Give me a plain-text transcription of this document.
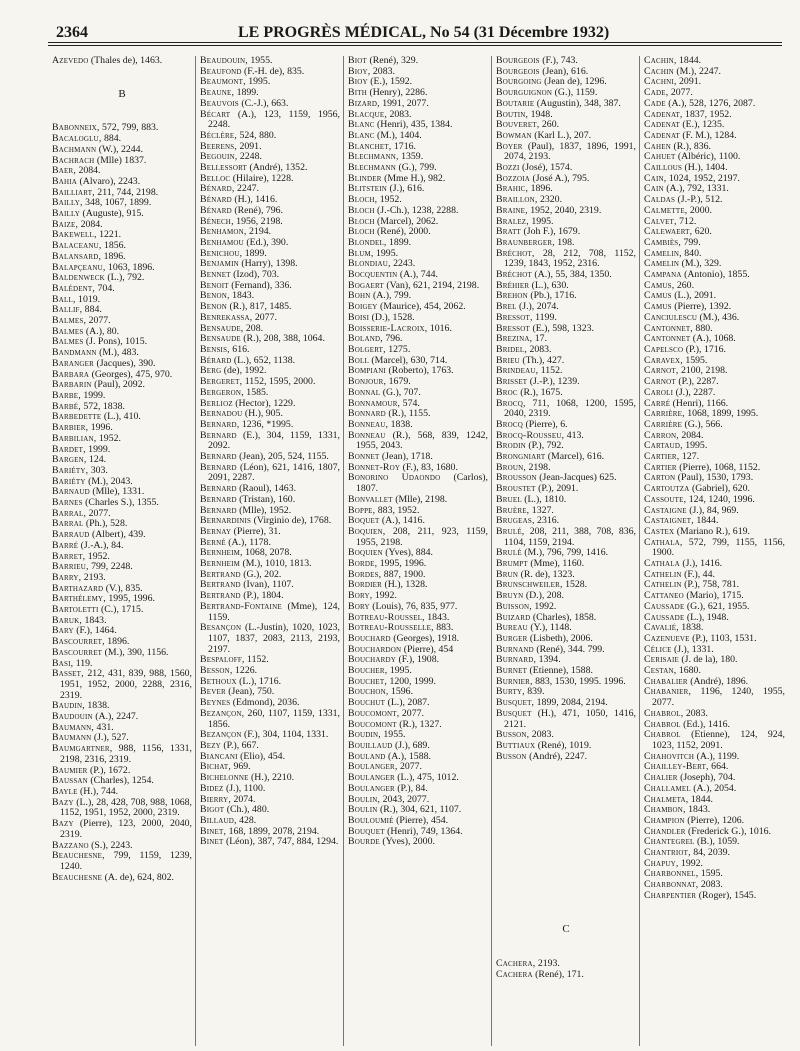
2364	LE PROGRÈS MÉDICAL, No 54 (31 Décembre 1932)
Azevedo (Thales de), 1463.
B
Babonneix, 572, 799, 883.
Bacaloglu, 884.
Bachmann (W.), 2244.
Bachrach (Mlle) 1837.
Baer, 2084.
Bahia (Alvaro), 2243.
Bailliart, 211, 744, 2198.
Bailly, 348, 1067, 1899.
Bailly (Auguste), 915.
Baize, 2084.
Bakewell, 1221.
Balaceanu, 1856.
Balansard, 1896.
Balapçeanu, 1063, 1896.
Baldenweck (L.), 792.
Balédent, 704.
Ball, 1019.
Ballif, 884.
Balmes, 2077.
Balmes (A.), 80.
Balmes (J. Pons), 1015.
Bandmann (M.), 483.
Baranger (Jacques), 390.
Barbara (Georges), 475, 970.
Barbarin (Paul), 2092.
Barbe, 1999.
Barbé, 572, 1838.
Barbedette (L.), 410.
Barbier, 1996.
Barbilian, 1952.
Bardet, 1999.
Bargen, 124.
Bariéty, 303.
Bariéty (M.), 2043.
Barnaud (Mlle), 1331.
Barnes (Charles S.), 1355.
Barral, 2077.
Barral (Ph.), 528.
Barraud (Albert), 439.
Barré (J.-A.), 84.
Barret, 1952.
Barrieu, 799, 2248.
Barry, 2193.
Barthazard (V.), 835.
Barthélemy, 1995, 1996.
Bartoletti (C.), 1715.
Baruk, 1843.
Bary (F.), 1464.
Bascourret, 1896.
Bascourret (M.), 390, 1156.
Basi, 119.
Basset, 212, 431, 839, 988, 1560, 1951, 1952, 2000, 2288, 2316, 2319.
Baudin, 1838.
Baudouin (A.), 2247.
Baumann, 431.
Baumann (J.), 527.
Baumgartner, 988, 1156, 1331, 2198, 2316, 2319.
Baumier (P.), 1672.
Baussan (Charles), 1254.
Bayle (H.), 744.
Bazy (L.), 28, 428, 708, 988, 1068, 1152, 1951, 1952, 2000, 2319.
Bazy (Pierre), 123, 2000, 2040, 2319.
Bazzano (S.), 2243.
Beauchesne, 799, 1159, 1239, 1240.
Beauchesne (A. de), 624, 802.
Beaudouin, 1955.
Beaufond (F.-H. de), 835.
Beaumont, 1995.
Beaune, 1899.
Beauvois (C.-J.), 663.
Bécart (A.), 123, 1159, 1956, 2248.
Béclère, 524, 880.
Beerens, 2091.
Begouin, 2248.
Bellessort (André), 1352.
Belloc (Hilaire), 1228.
Bénard, 2247.
Bénard (H.), 1416.
Bénard (René), 796.
Bénech, 1956, 2198.
Benhamon, 2194.
Benhamou (Ed.), 390.
Benichou, 1899.
Benjamin (Harry), 1398.
Bennet (Izod), 703.
Benoit (Fernand), 336.
Benon, 1843.
Benon (R.), 817, 1485.
Benrekassa, 2077.
Bensaude, 208.
Bensaude (R.), 208, 388, 1064.
Bensis, 616.
Bérard (L.), 652, 1138.
Berg (de), 1992.
Bergeret, 1152, 1595, 2000.
Bergeron, 1585.
Berlioz (Hector), 1229.
Bernadou (H.), 905.
Bernard, 1236, *1995.
Bernard (E.), 304, 1159, 1331, 2092.
Bernard (Jean), 205, 524, 1155.
Bernard (Léon), 621, 1416, 1807, 2091, 2287.
Bernard (Raoul), 1463.
Bernard (Tristan), 160.
Bernard (Mlle), 1952.
Bernardinis (Virginio de), 1768.
Bernay (Pierre), 31.
Berné (A.), 1178.
Bernheim, 1068, 2078.
Bernheim (M.), 1010, 1813.
Bertrand (G.), 202.
Bertrand (Ivan), 1107.
Bertrand (P.), 1804.
Bertrand-Fontaine (Mme), 124, 1159.
Besançon (L.-Justin), 1020, 1023, 1107, 1837, 2083, 2113, 2193, 2197.
Bespaloff, 1152.
Besson, 1226.
Bethoux (L.), 1716.
Bever (Jean), 750.
Beynes (Edmond), 2036.
Bezançon, 260, 1107, 1159, 1331, 1856.
Bezançon (F.), 304, 1104, 1331.
Bezy (P.), 667.
Biancani (Elio), 454.
Bichat, 969.
Bichelonne (H.), 2210.
Bidez (J.), 1100.
Bierry, 2074.
Bigot (Ch.), 480.
Billaud, 428.
Binet, 168, 1899, 2078, 2194.
Binet (Léon), 387, 747, 884, 1294.
Biot (René), 329.
Bioy, 2083.
Bioy (E.), 1592.
Bith (Henry), 2286.
Bizard, 1991, 2077.
Blacque, 2083.
Blanc (Henri), 435, 1384.
Blanc (M.), 1404.
Blanchet, 1716.
Blechmann, 1359.
Blechmann (G.), 799.
Blinder (Mme H.), 982.
Blitstein (J.), 616.
Bloch, 1952.
Bloch (J.-Ch.), 1238, 2288.
Bloch (Marcel), 2062.
Bloch (René), 2000.
Blondel, 1899.
Blum, 1995.
Blondiau, 2243.
Bocquentin (A.), 744.
Bogaert (Van), 621, 2194, 2198.
Bohn (A.), 799.
Boigey (Maurice), 454, 2062.
Boisi (D.), 1528.
Boisserie-Lacroix, 1016.
Boland, 796.
Bolgert, 1275.
Boll (Marcel), 630, 714.
Bompiani (Roberto), 1763.
Bonjour, 1679.
Bonnal (G.), 707.
Bonnamour, 574.
Bonnard (R.), 1155.
Bonneau, 1838.
Bonneau (R.), 568, 839, 1242, 1955, 2043.
Bonnet (Jean), 1718.
Bonnet-Roy (F.), 83, 1680.
Bonorino Udaondo (Carlos), 1807.
Bonvallet (Mlle), 2198.
Boppe, 883, 1952.
Boquet (A.), 1416.
Boquien, 208, 211, 923, 1159, 1955, 2198.
Boquien (Yves), 884.
Borde, 1995, 1996.
Bordes, 887, 1900.
Bordier (H.), 1328.
Bory, 1992.
Bory (Louis), 76, 835, 977.
Botreau-Roussel, 1843.
Botreau-Rousselle, 883.
Bouchard (Georges), 1918.
Bouchardon (Pierre), 454
Bouchardy (F.), 1908.
Boucher, 1995.
Bouchet, 1200, 1999.
Bouchon, 1596.
Bouchut (L.), 2087.
Boucomont, 2077.
Boucomont (R.), 1327.
Boudin, 1955.
Bouillaud (J.), 689.
Bouland (A.), 1588.
Boulanger, 2077.
Boulanger (L.), 475, 1012.
Boulanger (P.), 84.
Boulin, 2043, 2077.
Boulin (R.), 304, 621, 1107.
Bouloumié (Pierre), 454.
Bouquet (Henri), 749, 1364.
Bourde (Yves), 2000.
Bourgeois (F.), 743.
Bourgeois (Jean), 616.
Bourgoing (Jean de), 1296.
Bourguignon (G.), 1159.
Boutarie (Augustin), 348, 387.
Boutin, 1948.
Bouveret, 260.
Bowman (Karl L.), 207.
Boyer (Paul), 1837, 1896, 1991, 2074, 2193.
Bozzi (José), 1574.
Bozzoia (José A.), 795.
Brahic, 1896.
Braillon, 2320.
Braine, 1952, 2040, 2319.
Bralez, 1995.
Bratt (Joh F.), 1679.
Braunberger, 198.
Bréchot, 28, 212, 708, 1152, 1239, 1843, 1952, 2316.
Bréchot (A.), 55, 384, 1350.
Bréhier (L.), 630.
Brehon (Pb.), 1716.
Brel (J.), 2074.
Bressot, 1199.
Bressot (E.), 598, 1323.
Brezina, 17.
Bridel, 2083.
Brieu (Th.), 427.
Brindeau, 1152.
Brisset (J.-P.), 1239.
Broc (R.), 1675.
Brocq, 711, 1068, 1200, 1595, 2040, 2319.
Brocq (Pierre), 6.
Brocq-Rousseu, 413.
Brodin (P.), 792.
Brongniart (Marcel), 616.
Broun, 2198.
Brousson (Jean-Jacques) 625.
Broustet (P.), 2091.
Bruel (L.), 1810.
Bruère, 1327.
Brugeas, 2316.
Brulé, 208, 211, 388, 708, 836, 1104, 1159, 2194.
Brulé (M.), 796, 799, 1416.
Brumpt (Mme), 1160.
Brun (R. de), 1323.
Brunschweiler, 1528.
Bruyn (D.), 208.
Buisson, 1992.
Buizard (Charles), 1858.
Bureau (Y.), 1148.
Burger (Lisbeth), 2006.
Burnand (René), 344. 799.
Burnard, 1394.
Burnet (Etienne), 1588.
Burnier, 883, 1530, 1995. 1996.
Burty, 839.
Busquet, 1899, 2084, 2194.
Busquet (H.), 471, 1050, 1416, 2121.
Busson, 2083.
Buttiaux (René), 1019.
Busson (André), 2247.
C
Cachera, 2193.
Cachera (René), 171.
Cachin, 1844.
Cachin (M.), 2247.
Cachni, 2091.
Cade, 2077.
Cade (A.), 528, 1276, 2087.
Cadenat, 1837, 1952.
Cadenat (E.), 1235.
Cadenat (F. M.), 1284.
Cahen (R.), 836.
Cahuet (Albéric), 1100.
Caillous (H.), 1404.
Cain, 1024, 1952, 2197.
Cain (A.), 792, 1331.
Caldas (J.-P.), 512.
Calmette, 2000.
Calvet, 712.
Calewaert, 620.
Cambiès, 799.
Camelin, 840.
Camelin (M.), 329.
Campana (Antonio), 1855.
Camus, 260.
Camus (L.), 2091.
Camus (Pierre), 1392.
Canciulescu (M.), 436.
Cantonnet, 880.
Cantonnet (A.), 1068.
Capelsco (P.), 1716.
Caravex, 1595.
Carnot, 2100, 2198.
Carnot (P.), 2287.
Caroli (J.), 2287.
Carré (Henri), 1166.
Carrière, 1068, 1899, 1995.
Carrière (G.), 566.
Carron, 2084.
Cartaud, 1995.
Cartier, 127.
Cartier (Pierre), 1068, 1152.
Carton (Paul), 1530, 1793.
Cartoutza (Gabriel), 620.
Cassoute, 124, 1240, 1996.
Castaigne (J.), 84, 969.
Castaignet, 1844.
Castex (Mariano R.), 619.
Cathala, 572, 799, 1155, 1156, 1900.
Cathala (J.), 1416.
Cathelin (F.), 44.
Cathelin (P.), 758, 781.
Cattaneo (Mario), 1715.
Caussade (G.), 621, 1955.
Caussade (L.), 1948.
Cavalié, 1838.
Cazenueve (P.), 1103, 1531.
Célice (J.), 1331.
Cerisaie (J. de la), 180.
Cestan, 1680.
Chabalier (André), 1896.
Chabanier, 1196, 1240, 1955, 2077.
Chabrol, 2083.
Chabrol (Ed.), 1416.
Chabrol (Etienne), 124, 924, 1023, 1152, 2091.
Chahovitch (A.), 1199.
Chailley-Bert, 664.
Chalier (Joseph), 704.
Challamel (A.), 2054.
Chalmeta, 1844.
Chambon, 1843.
Champion (Pierre), 1206.
Chandler (Frederick G.), 1016.
Chantegrel (B.), 1059.
Chantriot, 84, 2039.
Chapuy, 1992.
Charbonnel, 1595.
Charbonnat, 2083.
Charpentier (Roger), 1545.
